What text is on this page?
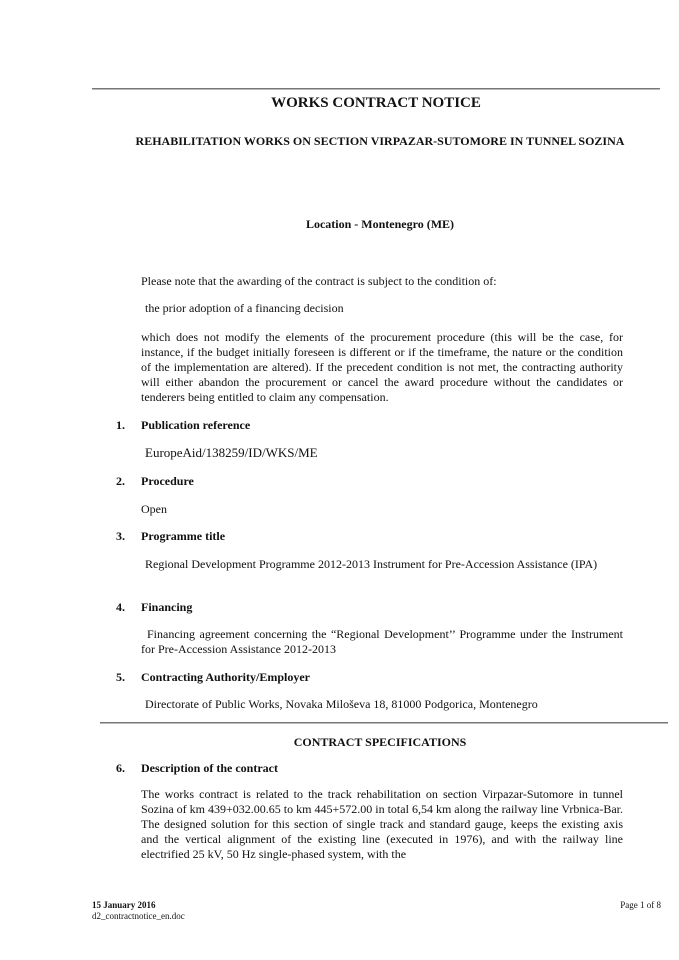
WORKS CONTRACT NOTICE
REHABILITATION WORKS ON SECTION VIRPAZAR-SUTOMORE IN TUNNEL SOZINA

Location - Montenegro (ME)

Please note that the awarding of the contract is subject to the condition of:

the prior adoption of a financing decision

which does not modify the elements of the procurement procedure (this will be the case, for instance, if the budget initially foreseen is different or if the timeframe, the nature or the condition of the implementation are altered). If the precedent condition is not met, the contracting authority will either abandon the procurement or cancel the award procedure without the candidates or tenderers being entitled to claim any compensation.

1. Publication reference

EuropeAid/138259/ID/WKS/ME

2. Procedure

Open

3. Programme title

Regional Development Programme 2012-2013 Instrument for Pre-Accession Assistance (IPA)

4. Financing

Financing agreement concerning the “Regional Development’’ Programme under the Instrument for Pre-Accession Assistance 2012-2013

5. Contracting Authority/Employer

Directorate of Public Works, Novaka Miloševa 18, 81000 Podgorica, Montenegro

CONTRACT SPECIFICATIONS

6. Description of the contract

The works contract is related to the track rehabilitation on section Virpazar-Sutomore in tunnel Sozina of km 439+032.00.65 to km 445+572.00 in total 6,54 km along the railway line Vrbnica-Bar. The designed solution for this section of single track and standard gauge, keeps the existing axis and the vertical alignment of the existing line (executed in 1976), and with the railway line electrified 25 kV, 50 Hz single-phased system, with the

15 January 2016
d2_contractnotice_en.doc
Page 1 of 8
